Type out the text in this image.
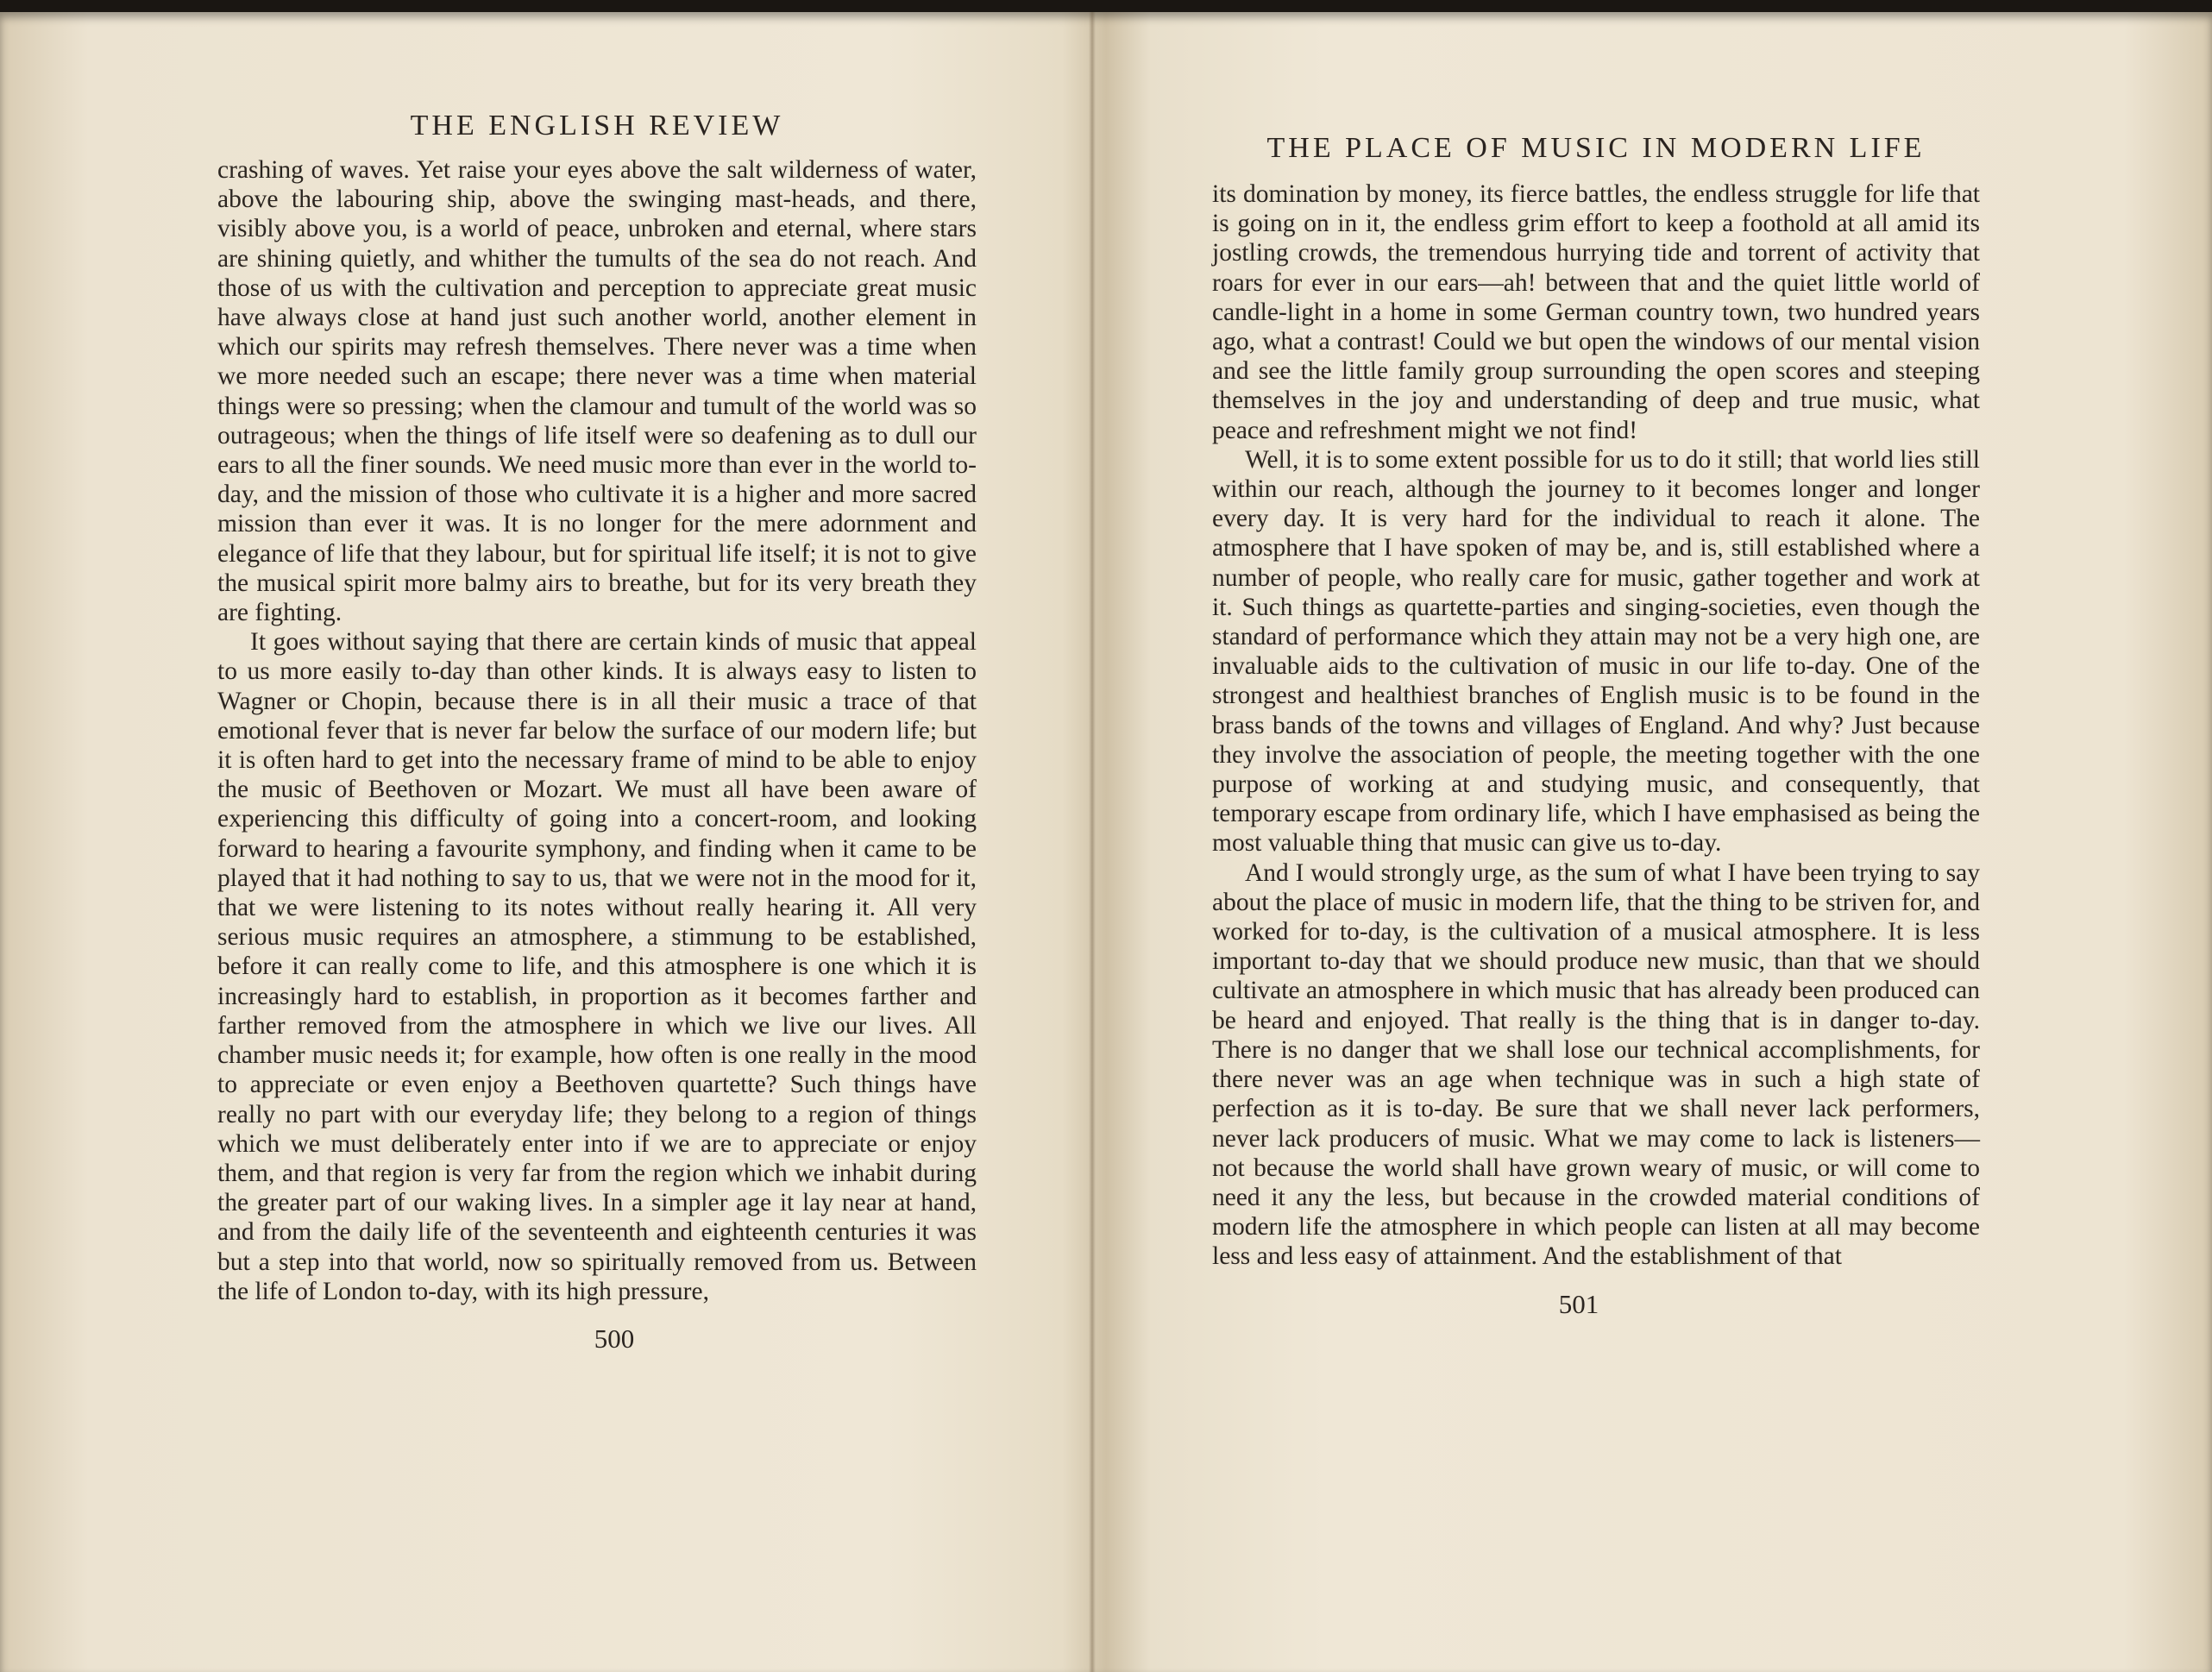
THE ENGLISH REVIEW

crashing of waves. Yet raise your eyes above the salt wilderness of water, above the labouring ship, above the swinging mast-heads, and there, visibly above you, is a world of peace, unbroken and eternal, where stars are shining quietly, and whither the tumults of the sea do not reach. And those of us with the cultivation and perception to appreciate great music have always close at hand just such another world, another element in which our spirits may refresh themselves. There never was a time when we more needed such an escape; there never was a time when material things were so pressing; when the clamour and tumult of the world was so outrageous; when the things of life itself were so deafening as to dull our ears to all the finer sounds. We need music more than ever in the world to-day, and the mission of those who cultivate it is a higher and more sacred mission than ever it was. It is no longer for the mere adornment and elegance of life that they labour, but for spiritual life itself; it is not to give the musical spirit more balmy airs to breathe, but for its very breath they are fighting.

It goes without saying that there are certain kinds of music that appeal to us more easily to-day than other kinds. It is always easy to listen to Wagner or Chopin, because there is in all their music a trace of that emotional fever that is never far below the surface of our modern life; but it is often hard to get into the necessary frame of mind to be able to enjoy the music of Beethoven or Mozart. We must all have been aware of experiencing this difficulty of going into a concert-room, and looking forward to hearing a favourite symphony, and finding when it came to be played that it had nothing to say to us, that we were not in the mood for it, that we were listening to its notes without really hearing it. All very serious music requires an atmosphere, a stimmung to be established, before it can really come to life, and this atmosphere is one which it is increasingly hard to establish, in proportion as it becomes farther and farther removed from the atmosphere in which we live our lives. All chamber music needs it; for example, how often is one really in the mood to appreciate or even enjoy a Beethoven quartette? Such things have really no part with our everyday life; they belong to a region of things which we must deliberately enter into if we are to appreciate or enjoy them, and that region is very far from the region which we inhabit during the greater part of our waking lives. In a simpler age it lay near at hand, and from the daily life of the seventeenth and eighteenth centuries it was but a step into that world, now so spiritually removed from us. Between the life of London to-day, with its high pressure,

500
THE PLACE OF MUSIC IN MODERN LIFE

its domination by money, its fierce battles, the endless struggle for life that is going on in it, the endless grim effort to keep a foothold at all amid its jostling crowds, the tremendous hurrying tide and torrent of activity that roars for ever in our ears—ah! between that and the quiet little world of candle-light in a home in some German country town, two hundred years ago, what a contrast! Could we but open the windows of our mental vision and see the little family group surrounding the open scores and steeping themselves in the joy and understanding of deep and true music, what peace and refreshment might we not find!

Well, it is to some extent possible for us to do it still; that world lies still within our reach, although the journey to it becomes longer and longer every day. It is very hard for the individual to reach it alone. The atmosphere that I have spoken of may be, and is, still established where a number of people, who really care for music, gather together and work at it. Such things as quartette-parties and singing-societies, even though the standard of performance which they attain may not be a very high one, are invaluable aids to the cultivation of music in our life to-day. One of the strongest and healthiest branches of English music is to be found in the brass bands of the towns and villages of England. And why? Just because they involve the association of people, the meeting together with the one purpose of working at and studying music, and consequently, that temporary escape from ordinary life, which I have emphasised as being the most valuable thing that music can give us to-day.

And I would strongly urge, as the sum of what I have been trying to say about the place of music in modern life, that the thing to be striven for, and worked for to-day, is the cultivation of a musical atmosphere. It is less important to-day that we should produce new music, than that we should cultivate an atmosphere in which music that has already been produced can be heard and enjoyed. That really is the thing that is in danger to-day. There is no danger that we shall lose our technical accomplishments, for there never was an age when technique was in such a high state of perfection as it is to-day. Be sure that we shall never lack performers, never lack producers of music. What we may come to lack is listeners—not because the world shall have grown weary of music, or will come to need it any the less, but because in the crowded material conditions of modern life the atmosphere in which people can listen at all may become less and less easy of attainment. And the establishment of that

501
